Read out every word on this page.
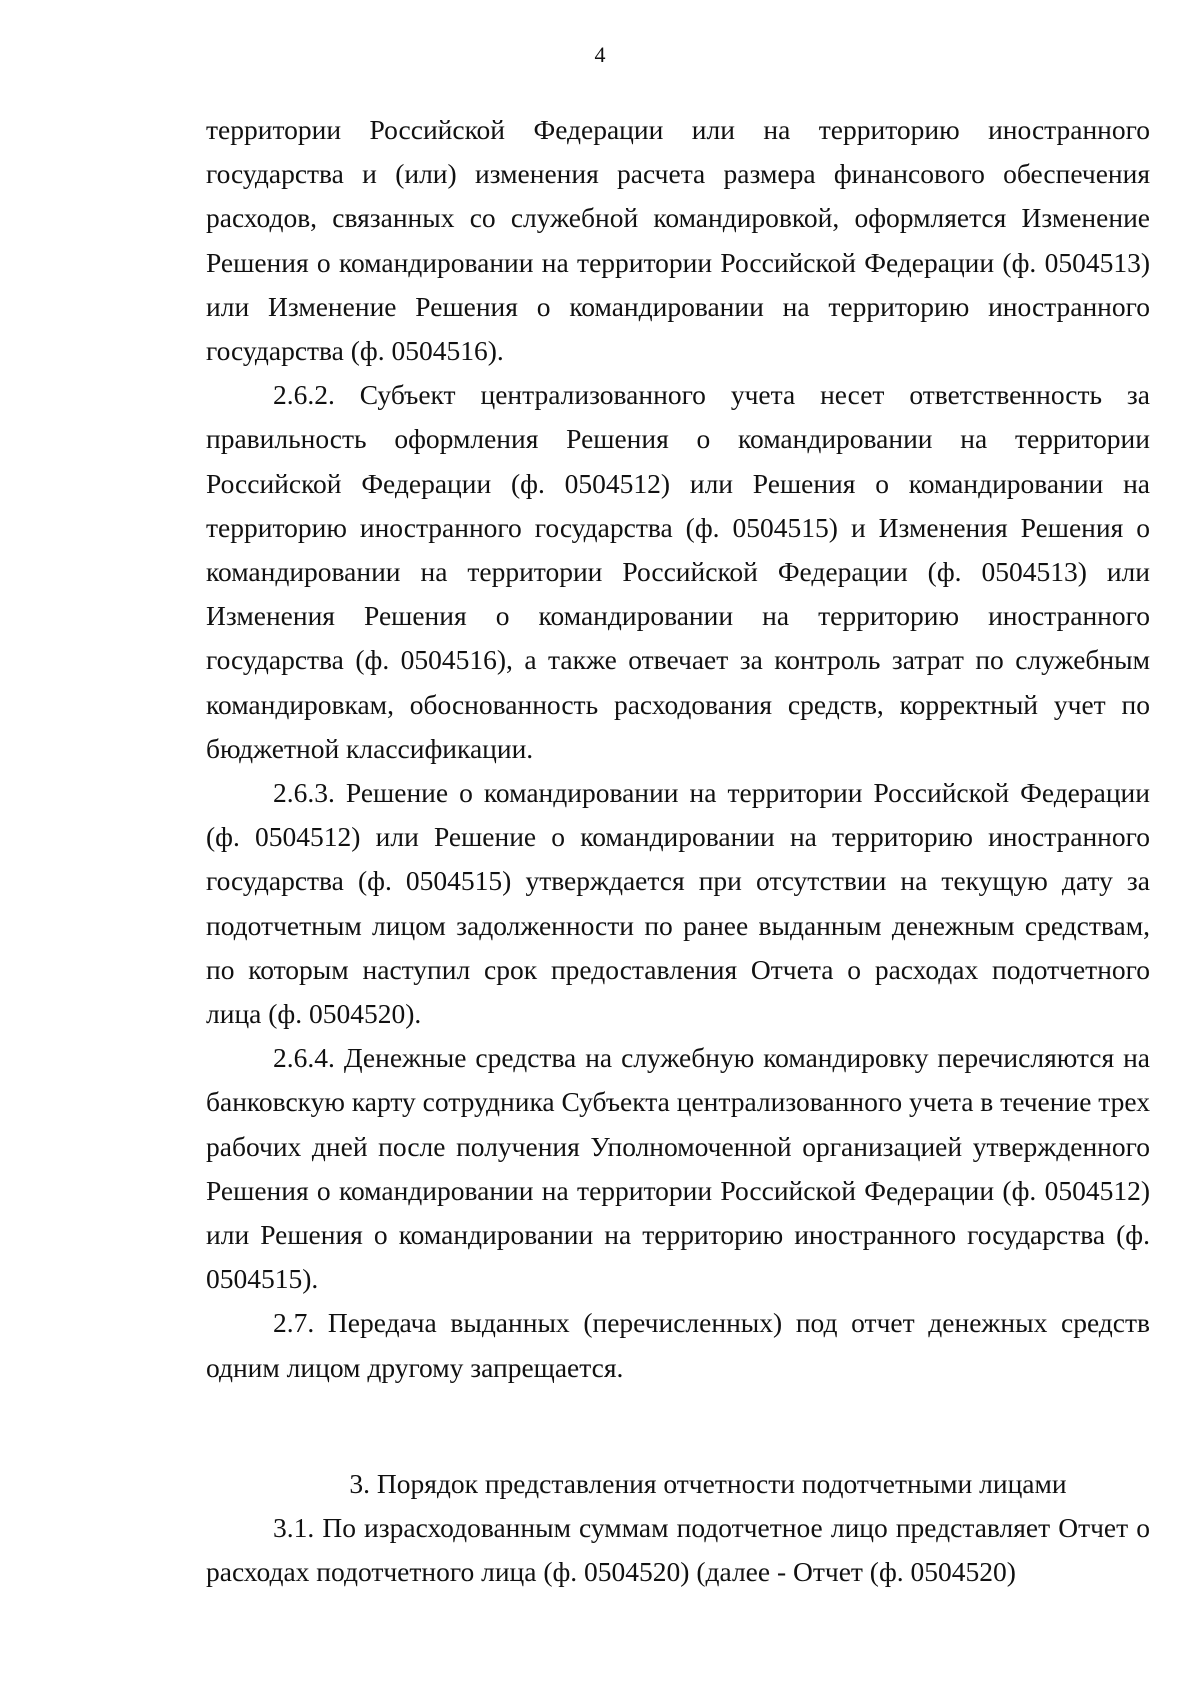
4

территории Российской Федерации или на территорию иностранного государства и (или) изменения расчета размера финансового обеспечения расходов, связанных со служебной командировкой, оформляется Изменение Решения о командировании на территории Российской Федерации (ф. 0504513) или Изменение Решения о командировании на территорию иностранного государства (ф. 0504516).

2.6.2. Субъект централизованного учета несет ответственность за правильность оформления Решения о командировании на территории Российской Федерации (ф. 0504512) или Решения о командировании на территорию иностранного государства (ф. 0504515) и Изменения Решения о командировании на территории Российской Федерации (ф. 0504513) или Изменения Решения о командировании на территорию иностранного государства (ф. 0504516), а также отвечает за контроль затрат по служебным командировкам, обоснованность расходования средств, корректный учет по бюджетной классификации.

2.6.3. Решение о командировании на территории Российской Федерации (ф. 0504512) или Решение о командировании на территорию иностранного государства (ф. 0504515) утверждается при отсутствии на текущую дату за подотчетным лицом задолженности по ранее выданным денежным средствам, по которым наступил срок предоставления Отчета о расходах подотчетного лица (ф. 0504520).

2.6.4. Денежные средства на служебную командировку перечисляются на банковскую карту сотрудника Субъекта централизованного учета в течение трех рабочих дней после получения Уполномоченной организацией утвержденного Решения о командировании на территории Российской Федерации (ф. 0504512) или Решения о командировании на территорию иностранного государства (ф. 0504515).

2.7. Передача выданных (перечисленных) под отчет денежных средств одним лицом другому запрещается.

3. Порядок представления отчетности подотчетными лицами

3.1. По израсходованным суммам подотчетное лицо представляет Отчет о расходах подотчетного лица (ф. 0504520) (далее - Отчет (ф. 0504520)
